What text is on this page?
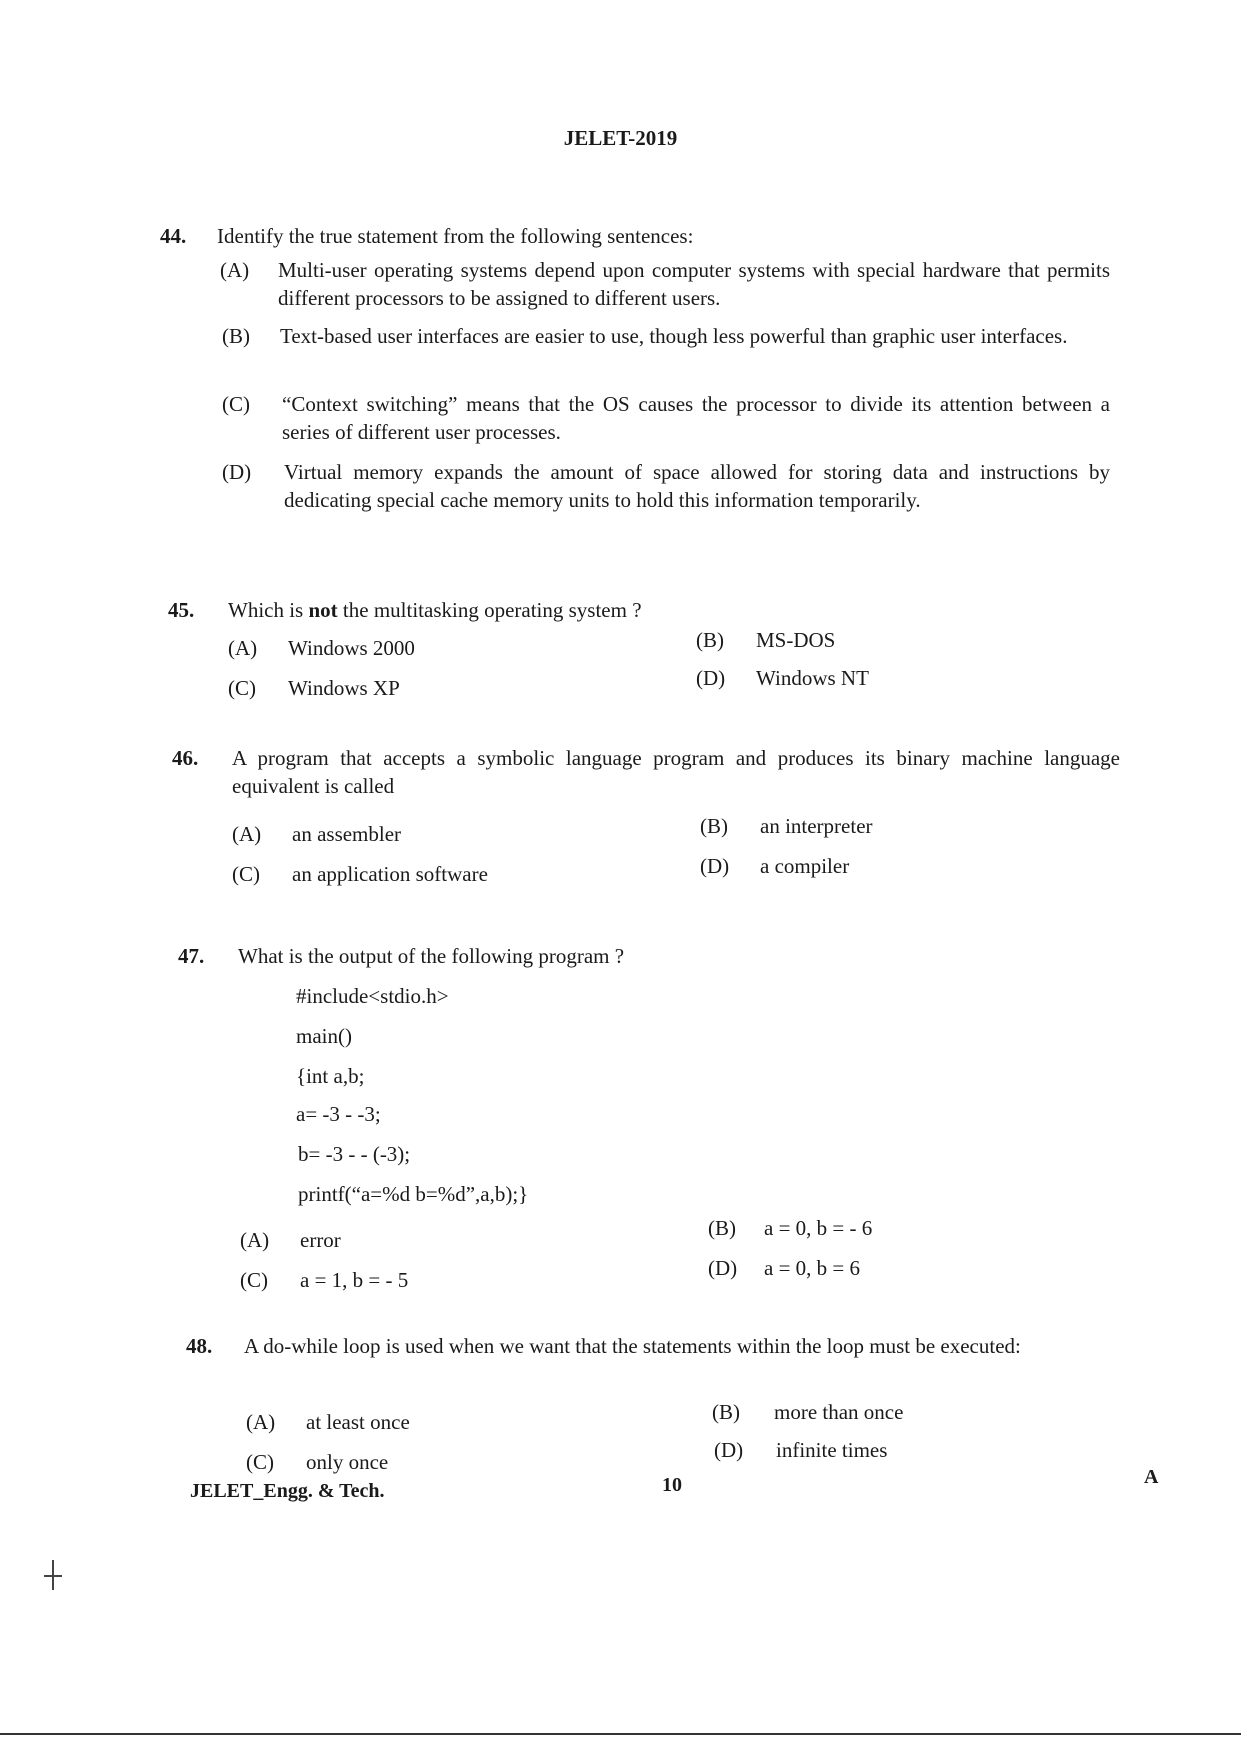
JELET-2019
44. Identify the true statement from the following sentences:
(A) Multi-user operating systems depend upon computer systems with special hardware that permits different processors to be assigned to different users.
(B) Text-based user interfaces are easier to use, though less powerful than graphic user interfaces.
(C) “Context switching” means that the OS causes the processor to divide its attention between a series of different user processes.
(D) Virtual memory expands the amount of space allowed for storing data and instructions by dedicating special cache memory units to hold this information temporarily.
45. Which is not the multitasking operating system ?
(A) Windows 2000	(B) MS-DOS
(C) Windows XP	(D) Windows NT
46. A program that accepts a symbolic language program and produces its binary machine language equivalent is called
(A) an assembler	(B) an interpreter
(C) an application software	(D) a compiler
47. What is the output of the following program ?
#include<stdio.h>
main()
{int a,b;
a= -3 - -3;
b= -3 - - (-3);
printf(“a=%d b=%d”,a,b);}
(A) error	(B) a = 0, b = - 6
(C) a = 1, b = - 5	(D) a = 0, b = 6
48. A do-while loop is used when we want that the statements within the loop must be executed:
(A) at least once	(B) more than once
(C) only once	(D) infinite times
JELET_Engg. & Tech.	10	A
